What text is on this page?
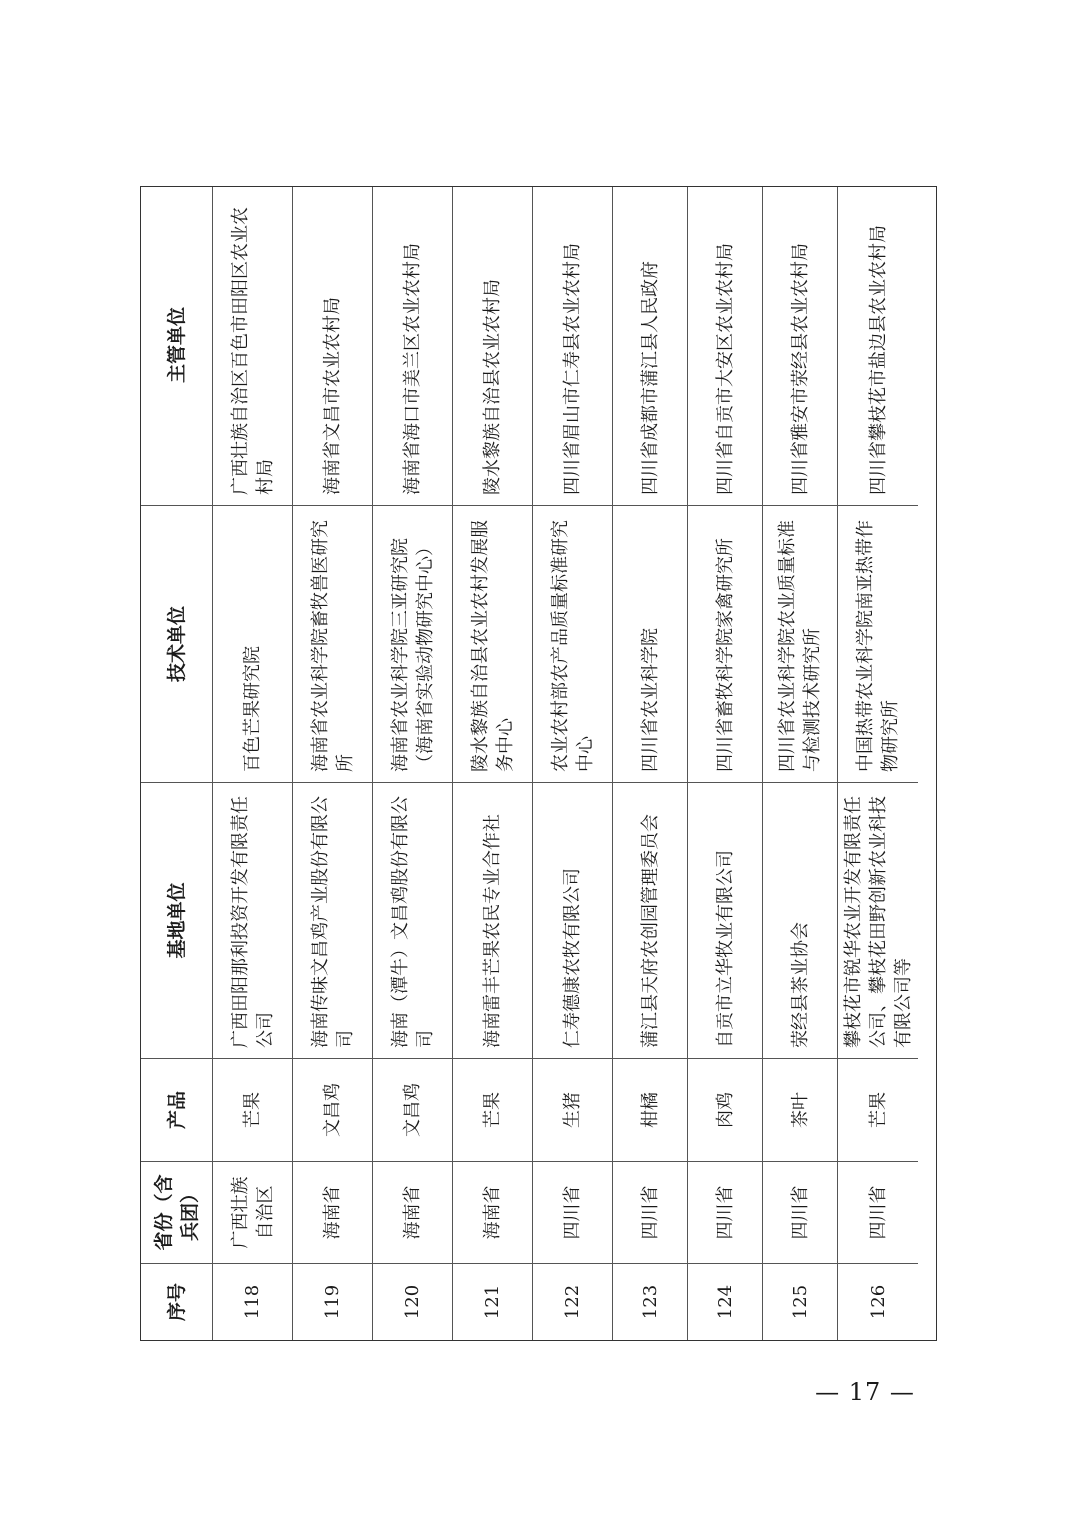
序号
省份（含兵团）
产品
基地单位
技术单位
主管单位
118
广西壮族自治区
芒果
广西田阳那利投资开发有限责任公司
百色芒果研究院
广西壮族自治区百色市田阳区农业农村局
119
海南省
文昌鸡
海南传味文昌鸡产业股份有限公司
海南省农业科学院畜牧兽医研究所
海南省文昌市农业农村局
120
海南省
文昌鸡
海南（潭牛）文昌鸡股份有限公司
海南省农业科学院三亚研究院（海南省实验动物研究中心）
海南省海口市美兰区农业农村局
121
海南省
芒果
海南雷丰芒果农民专业合作社
陵水黎族自治县农业农村发展服务中心
陵水黎族自治县农业农村局
122
四川省
生猪
仁寿德康农牧有限公司
农业农村部农产品质量标准研究中心
四川省眉山市仁寿县农业农村局
123
四川省
柑橘
蒲江县天府农创园管理委员会
四川省农业科学院
四川省成都市蒲江县人民政府
124
四川省
肉鸡
自贡市立华牧业有限公司
四川省畜牧科学院家禽研究所
四川省自贡市大安区农业农村局
125
四川省
茶叶
荥经县茶业协会
四川省农业科学院农业质量标准与检测技术研究所
四川省雅安市荥经县农业农村局
126
四川省
芒果
攀枝花市锐华农业开发有限责任公司、攀枝花田野创新农业科技有限公司等
中国热带农业科学院南亚热带作物研究所
四川省攀枝花市盐边县农业农村局
— 17 —
